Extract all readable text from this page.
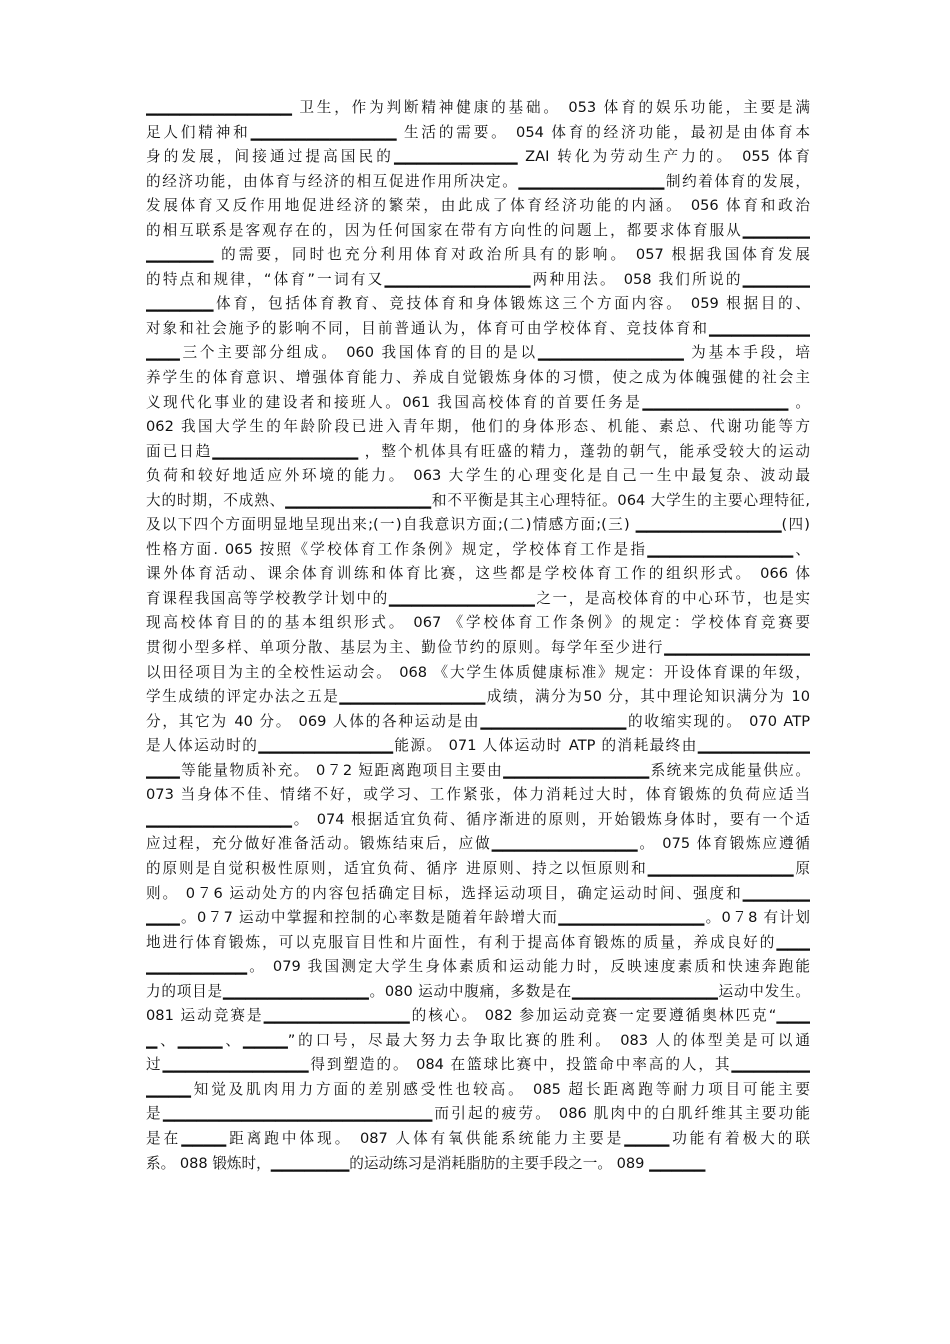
▁▁▁▁▁▁▁▁▁▁▁▁▁ 卫生，作为判断精神健康的基础。 053 体育的娱乐功能，主要是满
足人们精神和▁▁▁▁▁▁▁▁▁▁▁▁▁ 生活的需要。 054 体育的经济功能，最初是由体育本
身的发展，间接通过提高国民的▁▁▁▁▁▁▁▁▁▁▁ ZAI 转化为劳动生产力的。 055 体育
的经济功能，由体育与经济的相互促进作用所决定。▁▁▁▁▁▁▁▁▁▁▁▁▁制约着体育的发展，
发展体育又反作用地促进经济的繁荣，由此成了体育经济功能的内涵。 056 体育和政治
的相互联系是客观存在的，因为任何国家在带有方向性的问题上，都要求体育服从▁▁▁▁▁▁
▁▁▁▁▁▁ 的需要，同时也充分利用体育对政治所具有的影响。 057 根据我国体育发展
的特点和规律，“体育”一词有又▁▁▁▁▁▁▁▁▁▁▁▁▁两种用法。 058 我们所说的▁▁▁▁▁▁
▁▁▁▁▁▁体育，包括体育教育、竞技体育和身体锻炼这三个方面内容。 059 根据目的、
对象和社会施予的影响不同，目前普通认为，体育可由学校体育、竞技体育和▁▁▁▁▁▁▁▁▁
▁▁▁三个主要部分组成。 060 我国体育的目的是以▁▁▁▁▁▁▁▁▁▁▁▁▁ 为基本手段，培
养学生的体育意识、增强体育能力、养成自觉锻炼身体的习惯，使之成为体魄强健的社会主
义现代化事业的建设者和接班人。061 我国高校体育的首要任务是▁▁▁▁▁▁▁▁▁▁▁▁▁ 。
062 我国大学生的年龄阶段已进入青年期，他们的身体形态、机能、素总、代谢功能等方
面已日趋▁▁▁▁▁▁▁▁▁▁▁▁▁ ，整个机体具有旺盛的精力，蓬勃的朝气，能承受较大的运动
负荷和较好地适应外环境的能力。 063 大学生的心理变化是自己一生中最复杂、波动最
大的时期，不成熟、▁▁▁▁▁▁▁▁▁▁▁▁▁和不平衡是其主心理特征。064 大学生的主要心理特征,
及以下四个方面明显地呈现出来;(一)自我意识方面;(二)情感方面;(三) ▁▁▁▁▁▁▁▁▁▁▁▁▁(四)
性格方面. 065 按照《学校体育工作条例》规定，学校体育工作是指▁▁▁▁▁▁▁▁▁▁▁▁▁、
课外体育活动、课余体育训练和体育比赛，这些都是学校体育工作的组织形式。 066 体
育课程我国高等学校教学计划中的▁▁▁▁▁▁▁▁▁▁▁▁▁之一，是高校体育的中心环节，也是实
现高校体育目的的基本组织形式。 067 《学校体育工作条例》的规定：学校体育竞赛要
贯彻小型多样、单项分散、基层为主、勤俭节约的原则。每学年至少进行▁▁▁▁▁▁▁▁▁▁▁▁▁
以田径项目为主的全校性运动会。 068 《大学生体质健康标准》规定：开设体育课的年级，
学生成绩的评定办法之五是▁▁▁▁▁▁▁▁▁▁▁▁▁成绩，满分为50 分，其中理论知识满分为 10
分，其它为 40 分。 069 人体的各种运动是由▁▁▁▁▁▁▁▁▁▁▁▁▁的收缩实现的。 070 ATP
是人体运动时的▁▁▁▁▁▁▁▁▁▁▁▁能源。 071 人体运动时 ATP 的消耗最终由▁▁▁▁▁▁▁▁▁▁
▁▁▁等能量物质补充。 0７2 短距离跑项目主要由▁▁▁▁▁▁▁▁▁▁▁▁▁系统来完成能量供应。
073 当身体不佳、情绪不好，或学习、工作紧张，体力消耗过大时，体育锻炼的负荷应适当
▁▁▁▁▁▁▁▁▁▁▁▁▁。 074 根据适宜负荷、循序渐进的原则，开始锻炼身体时，要有一个适
应过程，充分做好准备活动。锻炼结束后，应做▁▁▁▁▁▁▁▁▁▁▁▁▁。 075 体育锻炼应遵循
的原则是自觉积极性原则，适宜负荷、循序 进原则、持之以恒原则和▁▁▁▁▁▁▁▁▁▁▁▁▁原
则。 0７6 运动处方的内容包括确定目标，选择运动项目，确定运动时间、强度和▁▁▁▁▁▁
▁▁▁。0７7 运动中掌握和控制的心率数是随着年龄增大而▁▁▁▁▁▁▁▁▁▁▁▁▁。0７8 有计划
地进行体育锻炼，可以克服盲目性和片面性，有利于提高体育锻炼的质量，养成良好的▁▁▁
▁▁▁▁▁▁▁▁▁。 079 我国测定大学生身体素质和运动能力时，反映速度素质和快速奔跑能
力的项目是▁▁▁▁▁▁▁▁▁▁▁▁▁。080 运动中腹痛，多数是在▁▁▁▁▁▁▁▁▁▁▁▁▁运动中发生。
081 运动竞赛是▁▁▁▁▁▁▁▁▁▁▁▁▁的核心。 082 参加运动竞赛一定要遵循奥林匹克“▁▁▁
▁、▁▁▁▁、▁▁▁▁”的口号，尽最大努力去争取比赛的胜利。 083 人的体型美是可以通
过▁▁▁▁▁▁▁▁▁▁▁▁▁得到塑造的。 084 在篮球比赛中，投篮命中率高的人，其▁▁▁▁▁▁▁
▁▁▁▁知觉及肌肉用力方面的差别感受性也较高。 085 超长距离跑等耐力项目可能主要
是▁▁▁▁▁▁▁▁▁▁▁▁▁▁▁▁▁▁▁▁▁▁▁▁而引起的疲劳。 086 肌肉中的白肌纤维其主要功能
是在▁▁▁▁距离跑中体现。 087 人体有氧供能系统能力主要是▁▁▁▁功能有着极大的联
系。 088 锻炼时，▁▁▁▁▁▁▁的运动练习是消耗脂肪的主要手段之一。 089 ▁▁▁▁▁
